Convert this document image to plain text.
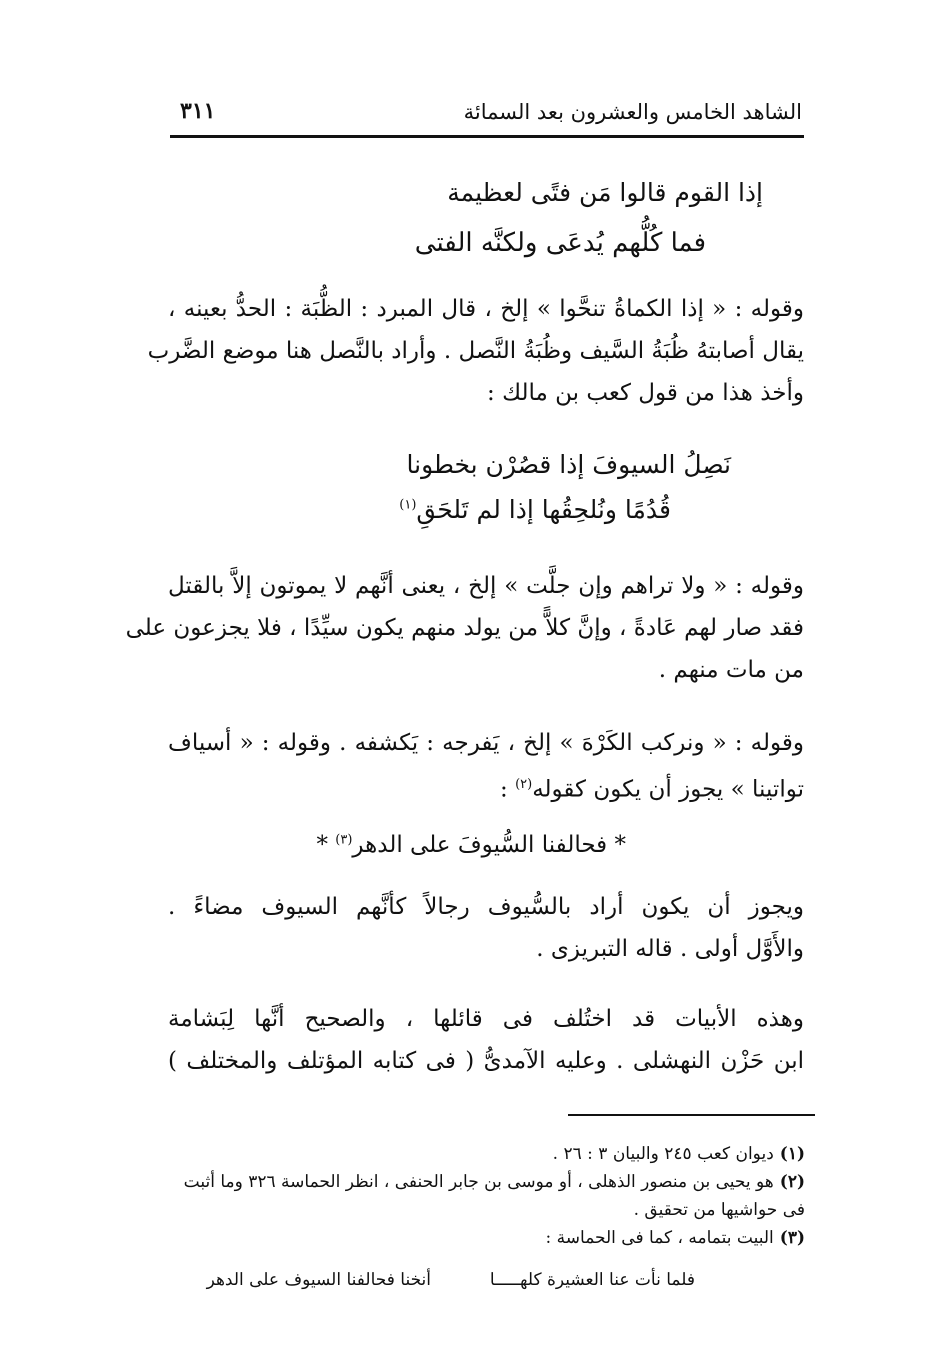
الشاهد الخامس والعشرون بعد السمائة
٣١١
إذا القوم قالوا مَن فتًى لعظيمة
فما كُلُّهم يُدعَى ولكنَّه الفتى
وقوله : « إذا الكماةُ تنحَّوا » إلخ ، قال المبرد : الظُّبَة : الحدُّ بعينه ،
يقال أصابتهُ ظُبَةُ السَّيف وظُبَةُ النَّصل . وأراد بالنَّصل هنا موضع الضَّرب
وأخذ هذا من قول كعب بن مالك :
نَصِلُ السيوفَ إذا قصُرْن بخطونا
قُدُمًا ونُلحِقُها إذا لم تَلحَقِ$^{(١)}$
وقوله : « ولا تراهم وإن جلَّت » إلخ ، يعنى أنَّهم لا يموتون إلاَّ بالقتل
فقد صار لهم عَادةً ، وإنَّ كلاًّ من يولد منهم يكون سيِّدًا ، فلا يجزعون على
من مات منهم .
وقوله : « ونركب الكَرْهَ » إلخ ، يَفرجه : يَكشفه . وقوله : « أسياف
تواتينا » يجوز أن يكون كقوله$^{(٢)}$ :
* فحالفنا السُّيوفَ على الدهر$^{(٣)}$ *
ويجوز أن يكون أراد بالسُّيوف رجالاً كأنَّهم السيوف مضاءً .
والأَوَّل أولى . قاله التبريزى .
وهذه الأبيات قد اختُلف فى قائلها ، والصحيح أنَّها لِبَشامة
ابن حَزْن النهشلى . وعليه الآمدىُّ ( فى كتابه المؤتلف والمختلف )
(١)ديوان كعب ٢٤٥ والبيان ٣ : ٢٦ .
(٢)هو يحيى بن منصور الذهلى ، أو موسى بن جابر الحنفى ، انظر الحماسة ٣٢٦ وما أثبت
فى حواشيها من تحقيق .
(٣)البيت بتمامه ، كما فى الحماسة :
فلما نأت عنا العشيرة كلهـــــا
أنخنا فحالفنا السيوف على الدهر
